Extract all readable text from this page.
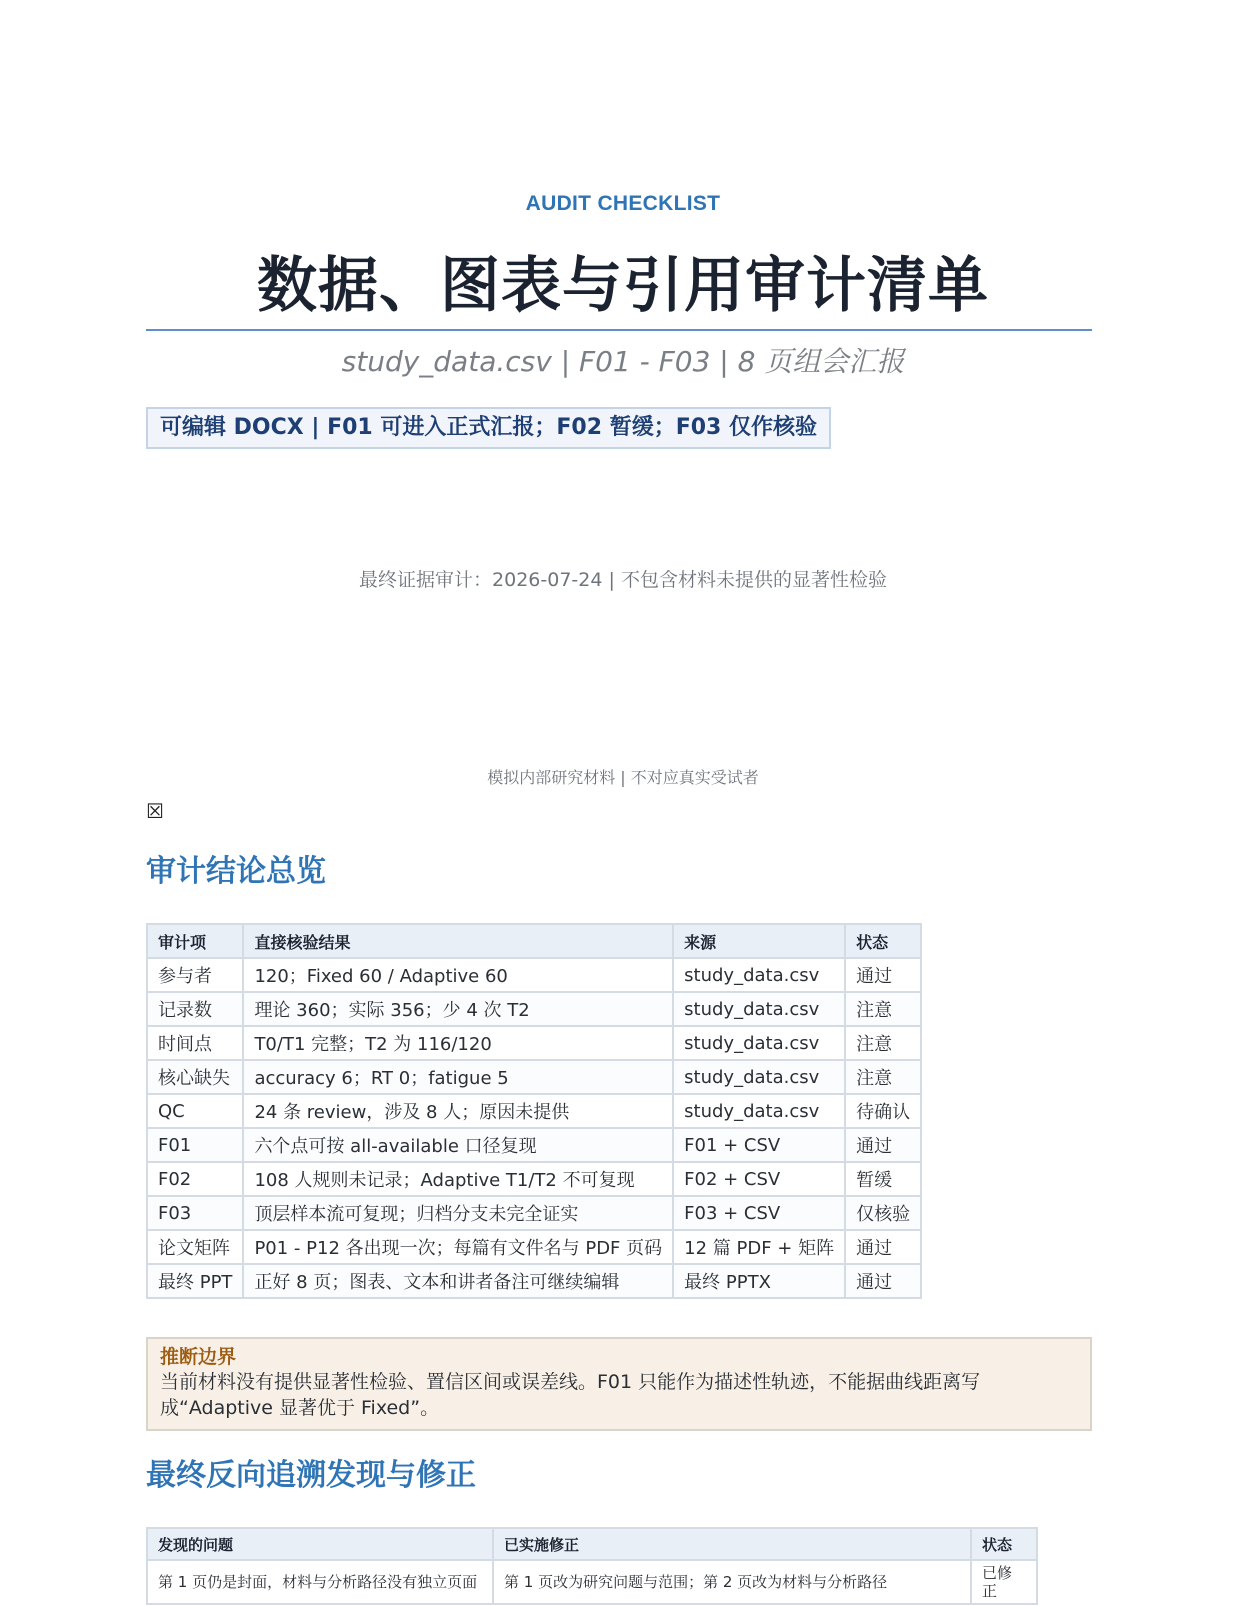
AUDIT CHECKLIST
数据、图表与引用审计清单
study_data.csv | F01 - F03 | 8 页组会汇报
可编辑 DOCX | F01 可进入正式汇报；F02 暂缓；F03 仅作核验
最终证据审计：2026-07-24 | 不包含材料未提供的显著性检验
模拟内部研究材料 | 不对应真实受试者
☒
审计结论总览
审计项	直接核验结果	来源	状态
参与者	120；Fixed 60 / Adaptive 60	study_data.csv	通过
记录数	理论 360；实际 356；少 4 次 T2	study_data.csv	注意
时间点	T0/T1 完整；T2 为 116/120	study_data.csv	注意
核心缺失	accuracy 6；RT 0；fatigue 5	study_data.csv	注意
QC	24 条 review，涉及 8 人；原因未提供	study_data.csv	待确认
F01	六个点可按 all-available 口径复现	F01 + CSV	通过
F02	108 人规则未记录；Adaptive T1/T2 不可复现	F02 + CSV	暂缓
F03	顶层样本流可复现；归档分支未完全证实	F03 + CSV	仅核验
论文矩阵	P01 - P12 各出现一次；每篇有文件名与 PDF 页码	12 篇 PDF + 矩阵	通过
最终 PPT	正好 8 页；图表、文本和讲者备注可继续编辑	最终 PPTX	通过
推断边界
当前材料没有提供显著性检验、置信区间或误差线。F01 只能作为描述性轨迹，不能据曲线距离写成“Adaptive 显著优于 Fixed”。
最终反向追溯发现与修正
发现的问题	已实施修正	状态
第 1 页仍是封面，材料与分析路径没有独立页面	第 1 页改为研究问题与范围；第 2 页改为材料与分析路径	已修正
